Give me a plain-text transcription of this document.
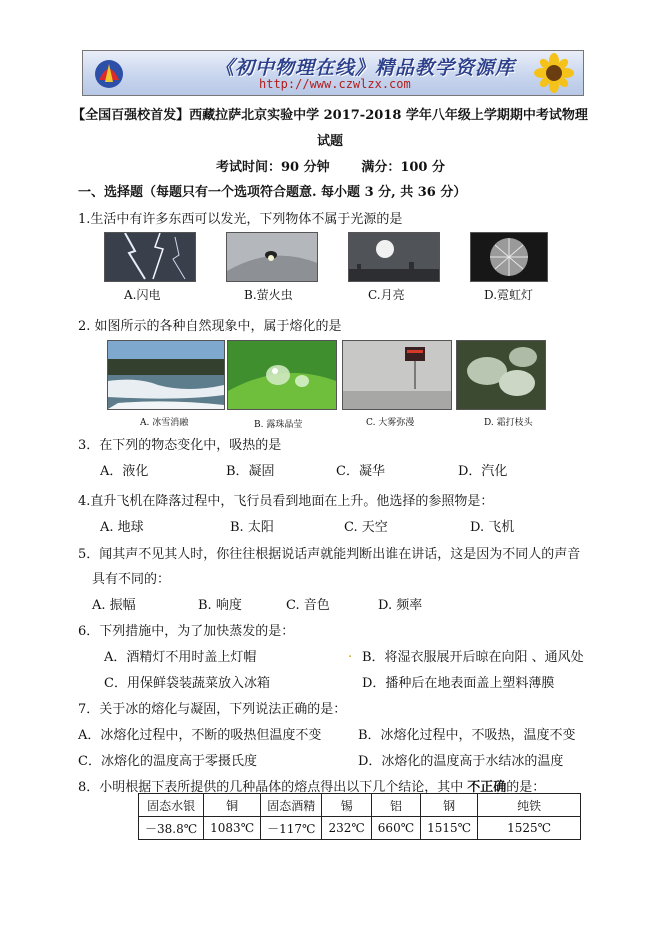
《初中物理在线》精品教学资源库
http://www.czwlzx.com
【全国百强校首发】西藏拉萨北京实验中学 2017-2018 学年八年级上学期期中考试物理
试题
考试时间：90 分钟       满分：100 分
一、选择题（每题只有一个选项符合题意. 每小题 3 分, 共 36 分）
1.生活中有许多东西可以发光，下列物体不属于光源的是
A.闪电	B.萤火虫	C.月亮	D.霓虹灯
2. 如图所示的各种自然现象中，属于熔化的是
A. 冰雪消融	B. 露珠晶莹	C. 大雾弥漫	D. 霜打枝头
3．在下列的物态变化中，吸热的是
A．液化	B．凝固	C．凝华	D．汽化
4.直升飞机在降落过程中，飞行员看到地面在上升。他选择的参照物是：
A. 地球	B. 太阳	C. 天空	D. 飞机
5．闻其声不见其人时，你往往根据说话声就能判断出谁在讲话，这是因为不同人的声音
具有不同的：
A. 振幅	B. 响度	C. 音色	D. 频率
6．下列措施中，为了加快蒸发的是：
A．酒精灯不用时盖上灯帽	. B．将湿衣服展开后晾在向阳 、通风处
C．用保鲜袋装蔬菜放入冰箱	D．播种后在地表面盖上塑料薄膜
7．关于冰的熔化与凝固，下列说法正确的是：
A．冰熔化过程中，不断的吸热但温度不变	B．冰熔化过程中，不吸热，温度不变
C．冰熔化的温度高于零摄氏度	D．冰熔化的温度高于水结冰的温度
8．小明根据下表所提供的几种晶体的熔点得出以下几个结论，其中 不正确的是：
固态水银	铜	固态酒精	锡	铝	钢	纯铁
－38.8℃	1083℃	－117℃	232℃	660℃	1515℃	1525℃
